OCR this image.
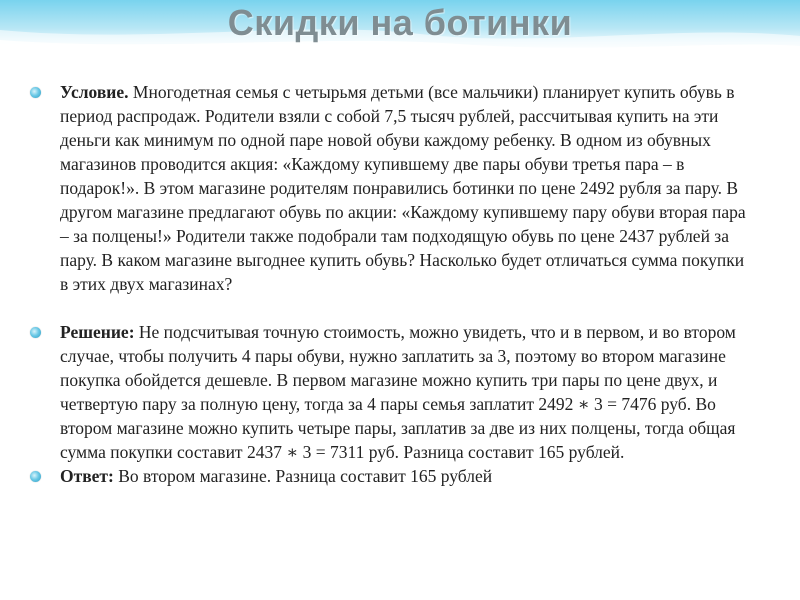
Скидки на ботинки

Условие. Многодетная семья с четырьмя детьми (все мальчики) планирует купить обувь в период распродаж. Родители взяли с собой 7,5 тысяч рублей, рассчитывая купить на эти деньги как минимум по одной паре новой обуви каждому ребенку. В одном из обувных магазинов проводится акция: «Каждому купившему две пары обуви третья пара – в подарок!». В этом магазине родителям понравились ботинки по цене 2492 рубля за пару. В другом магазине предлагают обувь по акции: «Каждому купившему пару обуви вторая пара – за полцены!» Родители также подобрали там подходящую обувь по цене 2437 рублей за пару. В каком магазине выгоднее купить обувь? Насколько будет отличаться сумма покупки в этих двух магазинах?

Решение: Не подсчитывая точную стоимость, можно увидеть, что и в первом, и во втором случае, чтобы получить 4 пары обуви, нужно заплатить за 3, поэтому во втором магазине покупка обойдется дешевле. В первом магазине можно купить три пары по цене двух, и четвертую пару за полную цену, тогда за 4 пары семья заплатит 2492 ∗ 3 = 7476 руб. Во втором магазине можно купить четыре пары, заплатив за две из них полцены, тогда общая сумма покупки составит 2437 ∗ 3 = 7311 руб. Разница составит 165 рублей.

Ответ: Во втором магазине. Разница составит 165 рублей
